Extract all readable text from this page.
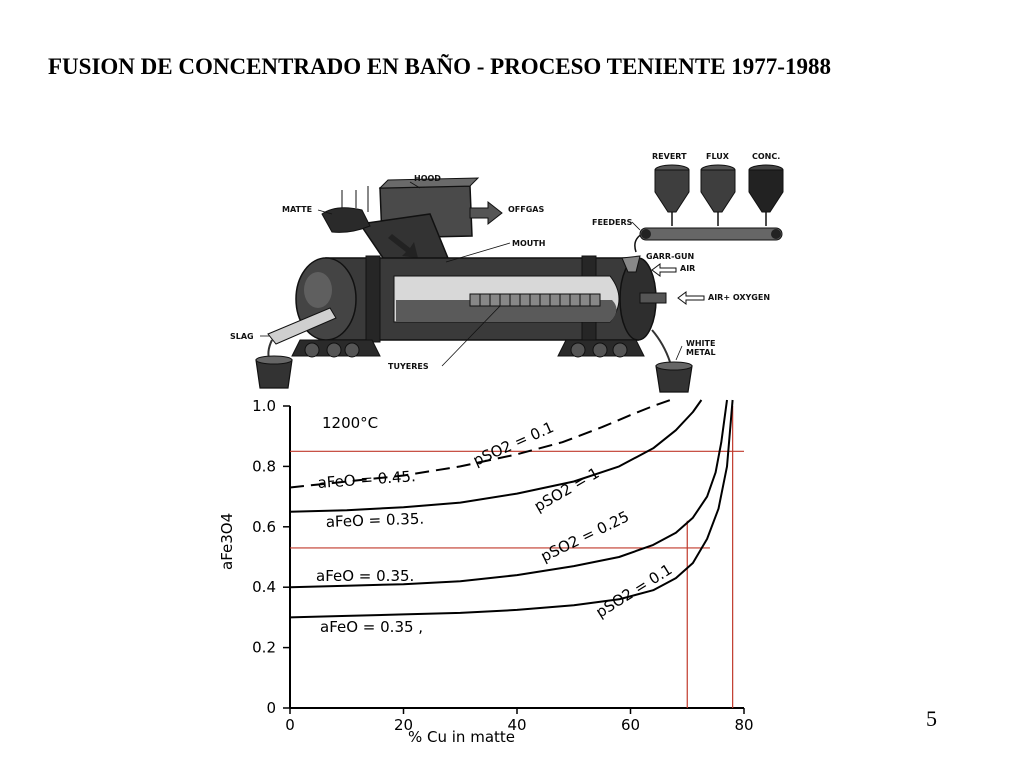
FUSION DE CONCENTRADO EN BAÑO - PROCESO TENIENTE 1977-1988
HOOD
MATTE	OFFGAS
MOUTH
SLAG
TUYERES
REVERT FLUX	CONC.
FEEDERS
GARR-GUN
AIR
AIR+ OXYGEN
WHITE
METAL
0	20	40	60	80
0
0.2
0.4
0.6
0.8
1.0
1200°C
aFeO = 0.45.
pSO2 = 0.1
aFeO = 0.35.
pSO2 = 1
aFeO = 0.35.
pSO2 = 0.25
aFeO = 0.35 ,
pSO2 = 0.1
aFe3O4
% Cu in matte
5
